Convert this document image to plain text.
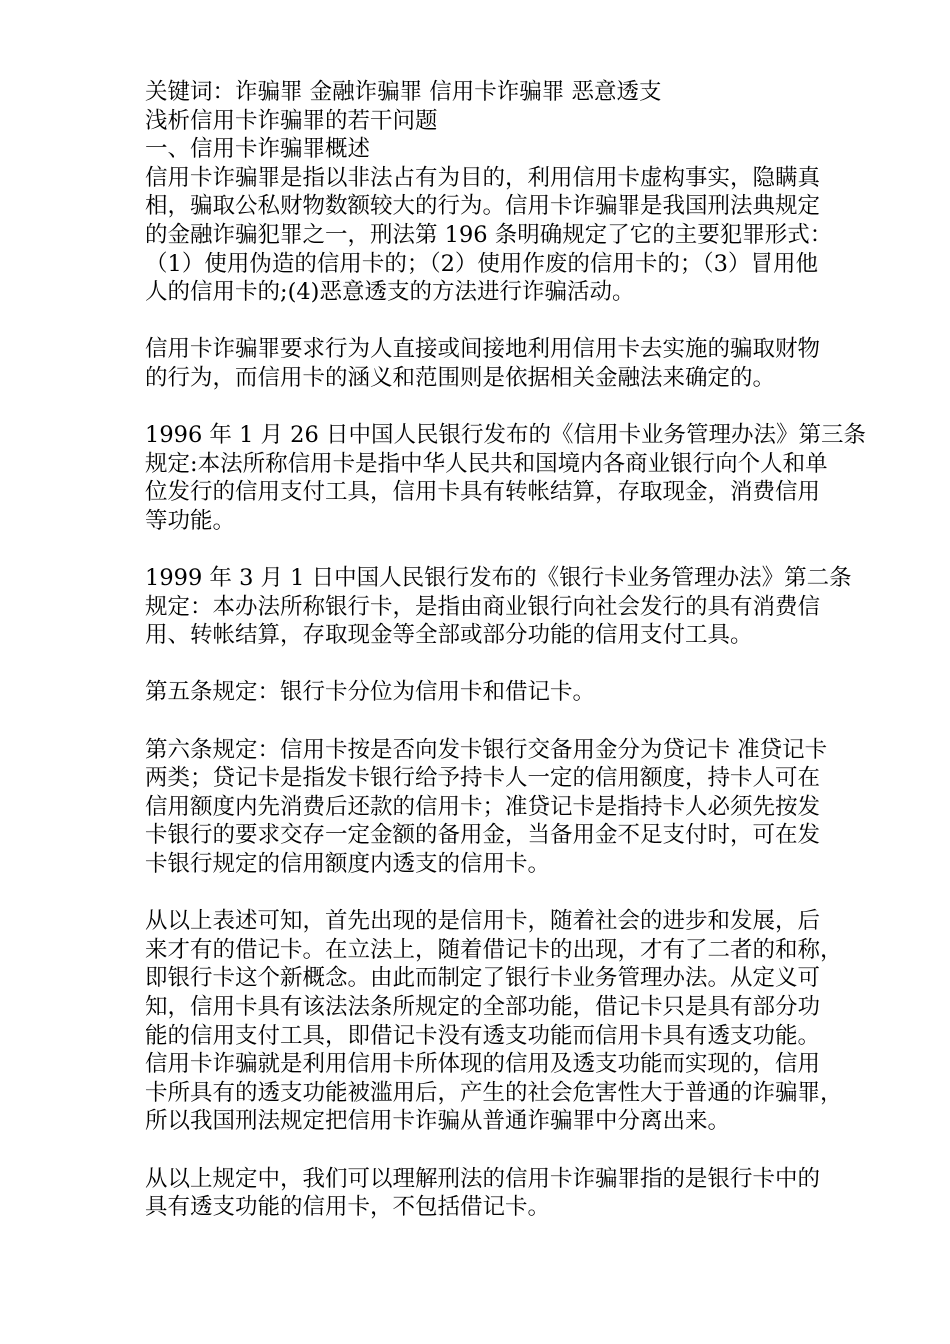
关键词：诈骗罪 金融诈骗罪 信用卡诈骗罪 恶意透支

浅析信用卡诈骗罪的若干问题

一、信用卡诈骗罪概述

信用卡诈骗罪是指以非法占有为目的，利用信用卡虚构事实，隐瞒真

相，骗取公私财物数额较大的行为。信用卡诈骗罪是我国刑法典规定

的金融诈骗犯罪之一，刑法第 196 条明确规定了它的主要犯罪形式：

（1）使用伪造的信用卡的；（2）使用作废的信用卡的；（3）冒用他

人的信用卡的;(4)恶意透支的方法进行诈骗活动。

信用卡诈骗罪要求行为人直接或间接地利用信用卡去实施的骗取财物

的行为，而信用卡的涵义和范围则是依据相关金融法来确定的。

1996 年 1 月 26 日中国人民银行发布的《信用卡业务管理办法》第三条

规定:本法所称信用卡是指中华人民共和国境内各商业银行向个人和单

位发行的信用支付工具，信用卡具有转帐结算，存取现金，消费信用

等功能。

1999 年 3 月 1 日中国人民银行发布的《银行卡业务管理办法》第二条

规定：本办法所称银行卡，是指由商业银行向社会发行的具有消费信

用、转帐结算，存取现金等全部或部分功能的信用支付工具。

第五条规定：银行卡分位为信用卡和借记卡。

第六条规定：信用卡按是否向发卡银行交备用金分为贷记卡 准贷记卡

两类；贷记卡是指发卡银行给予持卡人一定的信用额度，持卡人可在

信用额度内先消费后还款的信用卡；准贷记卡是指持卡人必须先按发

卡银行的要求交存一定金额的备用金，当备用金不足支付时，可在发

卡银行规定的信用额度内透支的信用卡。

从以上表述可知，首先出现的是信用卡，随着社会的进步和发展，后

来才有的借记卡。在立法上，随着借记卡的出现，才有了二者的和称，

即银行卡这个新概念。由此而制定了银行卡业务管理办法。从定义可

知，信用卡具有该法法条所规定的全部功能，借记卡只是具有部分功

能的信用支付工具，即借记卡没有透支功能而信用卡具有透支功能。

信用卡诈骗就是利用信用卡所体现的信用及透支功能而实现的，信用

卡所具有的透支功能被滥用后，产生的社会危害性大于普通的诈骗罪，

所以我国刑法规定把信用卡诈骗从普通诈骗罪中分离出来。

从以上规定中，我们可以理解刑法的信用卡诈骗罪指的是银行卡中的

具有透支功能的信用卡，不包括借记卡。
